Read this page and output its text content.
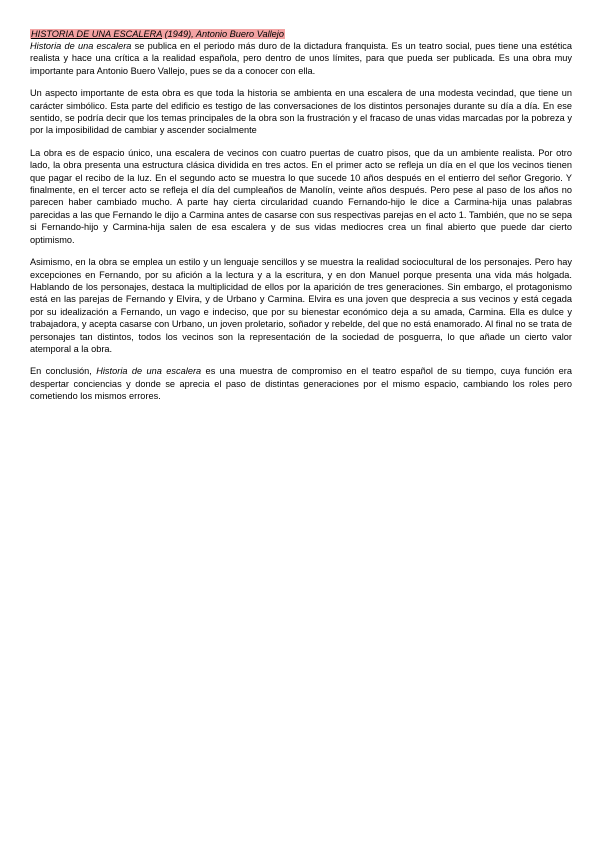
HISTORIA DE UNA ESCALERA (1949), Antonio Buero Vallejo

Historia de una escalera se publica en el periodo más duro de la dictadura franquista. Es un teatro social, pues tiene una estética realista y hace una crítica a la realidad española, pero dentro de unos límites, para que pueda ser publicada. Es una obra muy importante para Antonio Buero Vallejo, pues se da a conocer con ella.

Un aspecto importante de esta obra es que toda la historia se ambienta en una escalera de una modesta vecindad, que tiene un carácter simbólico. Esta parte del edificio es testigo de las conversaciones de los distintos personajes durante su día a día. En ese sentido, se podría decir que los temas principales de la obra son la frustración y el fracaso de unas vidas marcadas por la pobreza y por la imposibilidad de cambiar y ascender socialmente

La obra es de espacio único, una escalera de vecinos con cuatro puertas de cuatro pisos, que da un ambiente realista. Por otro lado, la obra presenta una estructura clásica dividida en tres actos. En el primer acto se refleja un día en el que los vecinos tienen que pagar el recibo de la luz. En el segundo acto se muestra lo que sucede 10 años después en el entierro del señor Gregorio. Y finalmente, en el tercer acto se refleja el día del cumpleaños de Manolín, veinte años después. Pero pese al paso de los años no parecen haber cambiado mucho. A parte hay cierta circularidad cuando Fernando-hijo le dice a Carmina-hija unas palabras parecidas a las que Fernando le dijo a Carmina antes de casarse con sus respectivas parejas en el acto 1. También, que no se sepa si Fernando-hijo y Carmina-hija salen de esa escalera y de sus vidas mediocres crea un final abierto que puede dar cierto optimismo.

Asimismo, en la obra se emplea un estilo y un lenguaje sencillos y se muestra la realidad sociocultural de los personajes. Pero hay excepciones en Fernando, por su afición a la lectura y a la escritura, y en don Manuel porque presenta una vida más holgada. Hablando de los personajes, destaca la multiplicidad de ellos por la aparición de tres generaciones. Sin embargo, el protagonismo está en las parejas de Fernando y Elvira, y de Urbano y Carmina. Elvira es una joven que desprecia a sus vecinos y está cegada por su idealización a Fernando, un vago e indeciso, que por su bienestar económico deja a su amada, Carmina. Ella es dulce y trabajadora, y acepta casarse con Urbano, un joven proletario, soñador y rebelde, del que no está enamorado. Al final no se trata de personajes tan distintos, todos los vecinos son la representación de la sociedad de posguerra, lo que añade un cierto valor atemporal a la obra.

En conclusión, Historia de una escalera es una muestra de compromiso en el teatro español de su tiempo, cuya función era despertar conciencias y donde se aprecia el paso de distintas generaciones por el mismo espacio, cambiando los roles pero cometiendo los mismos errores.
